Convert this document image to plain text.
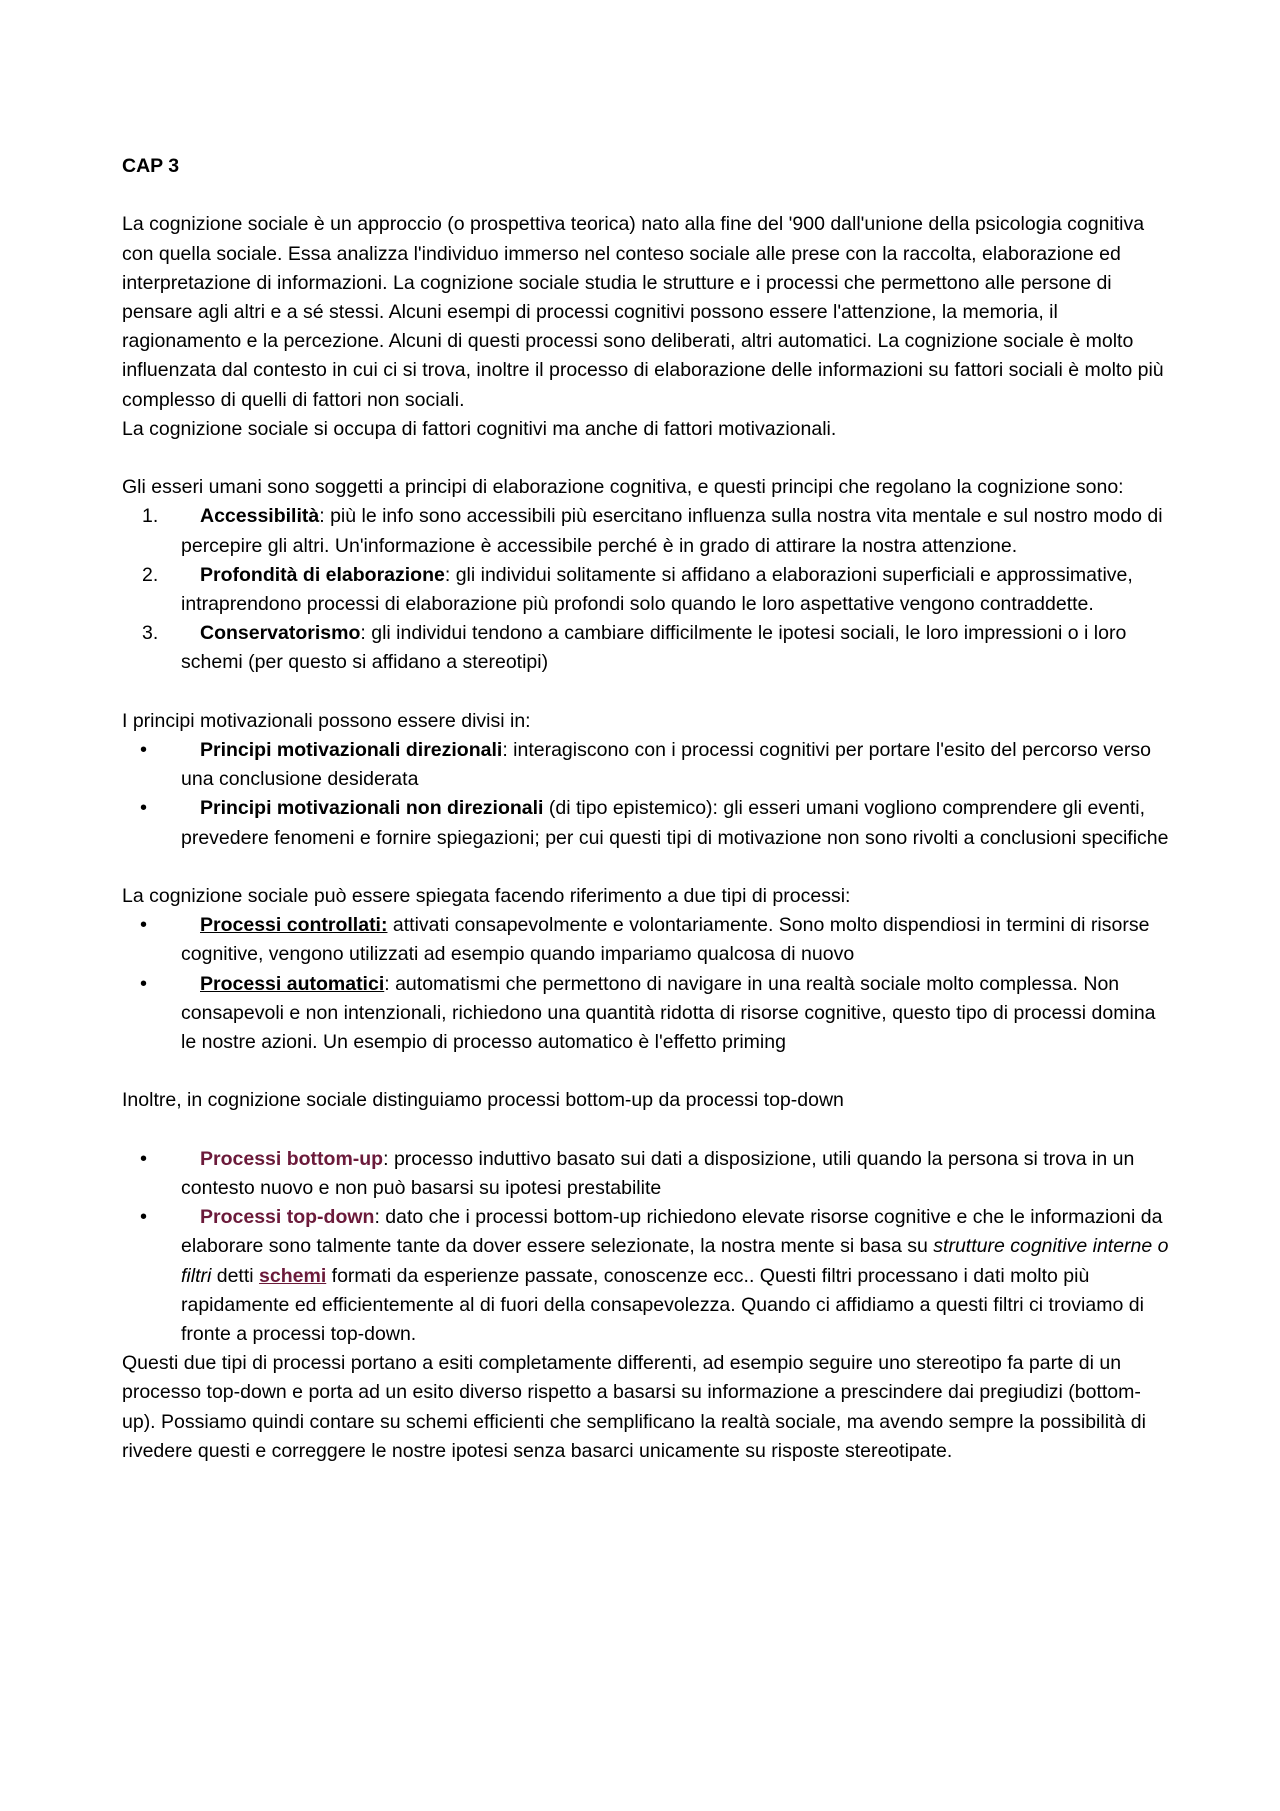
CAP 3

La cognizione sociale è un approccio (o prospettiva teorica) nato alla fine del '900 dall'unione della psicologia cognitiva con quella sociale. Essa analizza l'individuo immerso nel conteso sociale alle prese con la raccolta, elaborazione ed interpretazione di informazioni. La cognizione sociale studia le strutture e i processi che permettono alle persone di pensare agli altri e a sé stessi. Alcuni esempi di processi cognitivi possono essere l'attenzione, la memoria, il ragionamento e la percezione. Alcuni di questi processi sono deliberati, altri automatici. La cognizione sociale è molto influenzata dal contesto in cui ci si trova, inoltre il processo di elaborazione delle informazioni su fattori sociali è molto più complesso di quelli di fattori non sociali.

La cognizione sociale si occupa di fattori cognitivi ma anche di fattori motivazionali.

Gli esseri umani sono soggetti a principi di elaborazione cognitiva, e questi principi che regolano la cognizione sono:

1. Accessibilità: più le info sono accessibili più esercitano influenza sulla nostra vita mentale e sul nostro modo di percepire gli altri. Un'informazione è accessibile perché è in grado di attirare la nostra attenzione.
2. Profondità di elaborazione: gli individui solitamente si affidano a elaborazioni superficiali e approssimative, intraprendono processi di elaborazione più profondi solo quando le loro aspettative vengono contraddette.
3. Conservatorismo: gli individui tendono a cambiare difficilmente le ipotesi sociali, le loro impressioni o i loro schemi (per questo si affidano a stereotipi)

I principi motivazionali possono essere divisi in:

•	Principi motivazionali direzionali: interagiscono con i processi cognitivi per portare l'esito del percorso verso una conclusione desiderata
•	Principi motivazionali non direzionali (di tipo epistemico): gli esseri umani vogliono comprendere gli eventi, prevedere fenomeni e fornire spiegazioni; per cui questi tipi di motivazione non sono rivolti a conclusioni specifiche

La cognizione sociale può essere spiegata facendo riferimento a due tipi di processi:

•	Processi controllati: attivati consapevolmente e volontariamente. Sono molto dispendiosi in termini di risorse cognitive, vengono utilizzati ad esempio quando impariamo qualcosa di nuovo
•	Processi automatici: automatismi che permettono di navigare in una realtà sociale molto complessa. Non consapevoli e non intenzionali, richiedono una quantità ridotta di risorse cognitive, questo tipo di processi domina le nostre azioni. Un esempio di processo automatico è l'effetto priming

Inoltre, in cognizione sociale distinguiamo processi bottom-up da processi top-down

•	Processi bottom-up: processo induttivo basato sui dati a disposizione, utili quando la persona si trova in un contesto nuovo e non può basarsi su ipotesi prestabilite
•	Processi top-down: dato che i processi bottom-up richiedono elevate risorse cognitive e che le informazioni da elaborare sono talmente tante da dover essere selezionate, la nostra mente si basa su strutture cognitive interne o filtri detti schemi formati da esperienze passate, conoscenze ecc.. Questi filtri processano i dati molto più rapidamente ed efficientemente al di fuori della consapevolezza. Quando ci affidiamo a questi filtri ci troviamo di fronte a processi top-down.

Questi due tipi di processi portano a esiti completamente differenti, ad esempio seguire uno stereotipo fa parte di un processo top-down e porta ad un esito diverso rispetto a basarsi su informazione a prescindere dai pregiudizi (bottom-up). Possiamo quindi contare su schemi efficienti che semplificano la realtà sociale, ma avendo sempre la possibilità di rivedere questi e correggere le nostre ipotesi senza basarci unicamente su risposte stereotipate.
